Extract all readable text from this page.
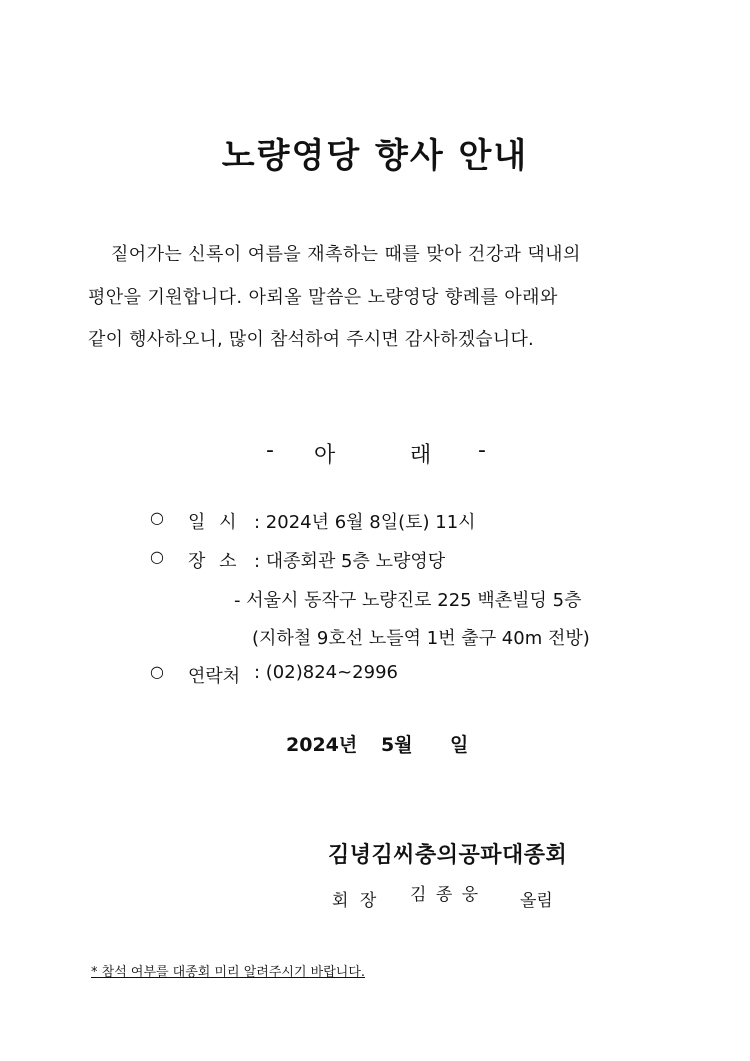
노량영당 향사 안내
짙어가는 신록이 여름을 재촉하는 때를 맞아 건강과 댁내의
평안을 기원합니다. 아뢰올 말씀은 노량영당 향례를 아래와
같이 행사하오니, 많이 참석하여 주시면 감사하겠습니다.
- 아	래 -
○ 일 시 : 2024년 6월 8일(토) 11시
○ 장 소 : 대종회관 5층 노량영당
- 서울시 동작구 노량진로 225 백촌빌딩 5층
(지하철 9호선 노들역 1번 출구 40m 전방)
○ 연락처 : (02)824~2996
2024년 5월 일
김녕김씨충의공파대종회
회 장 김 종 웅 올림
* 참석 여부를 대종회 미리 알려주시기 바랍니다.
